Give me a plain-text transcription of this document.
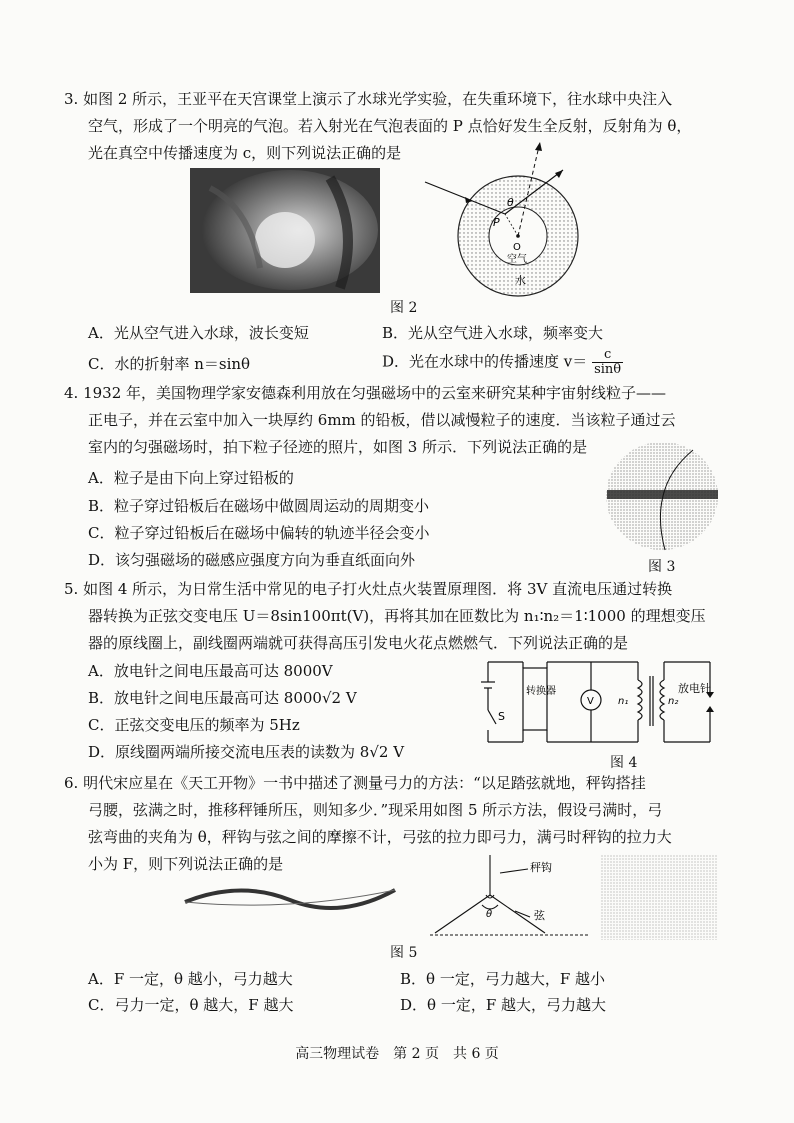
3. 如图 2 所示，王亚平在天宫课堂上演示了水球光学实验，在失重环境下，往水球中央注入
空气，形成了一个明亮的气泡。若入射光在气泡表面的 P 点恰好发生全反射，反射角为 θ，
光在真空中传播速度为 c，则下列说法正确的是
θ
P
O
空气
水
图 2
A．光从空气进入水球，波长变短	B．光从空气进入水球，频率变大
C．水的折射率 n＝sinθ	D．光在水球中的传播速度 $v= \frac{c}{\sin\theta}$
4. 1932 年，美国物理学家安德森利用放在匀强磁场中的云室来研究某种宇宙射线粒子——
正电子，并在云室中加入一块厚约 6mm 的铅板，借以减慢粒子的速度．当该粒子通过云
室内的匀强磁场时，拍下粒子径迹的照片，如图 3 所示．下列说法正确的是
A．粒子是由下向上穿过铅板的
B．粒子穿过铅板后在磁场中做圆周运动的周期变小
C．粒子穿过铅板后在磁场中偏转的轨迹半径会变小
D．该匀强磁场的磁感应强度方向为垂直纸面向外	图 3
5. 如图 4 所示，为日常生活中常见的电子打火灶点火装置原理图．将 3V 直流电压通过转换
器转换为正弦交变电压 U＝8sin100πt(V)，再将其加在匝数比为 n₁∶n₂＝1∶1000 的理想变压
器的原线圈上，副线圈两端就可获得高压引发电火花点燃燃气．下列说法正确的是
A．放电针之间电压最高可达 8000V
B．放电针之间电压最高可达 8000√2 V
C．正弦交变电压的频率为 5Hz
D．原线圈两端所接交流电压表的读数为 8√2 V
S
转换器
V n₁	n₂
放电针
图 4
6. 明代宋应星在《天工开物》一书中描述了测量弓力的方法：“以足踏弦就地，秤钩搭挂
弓腰，弦满之时，推移秤锤所压，则知多少．”现采用如图 5 所示方法，假设弓满时，弓
弦弯曲的夹角为 θ，秤钩与弦之间的摩擦不计，弓弦的拉力即弓力，满弓时秤钩的拉力大
小为 F，则下列说法正确的是	秤钩
弦
θ
图 5
A．F 一定，θ 越小，弓力越大	B．θ 一定，弓力越大，F 越小
C．弓力一定，θ 越大，F 越大	D．θ 一定，F 越大，弓力越大
高三物理试卷　第 2 页　共 6 页
